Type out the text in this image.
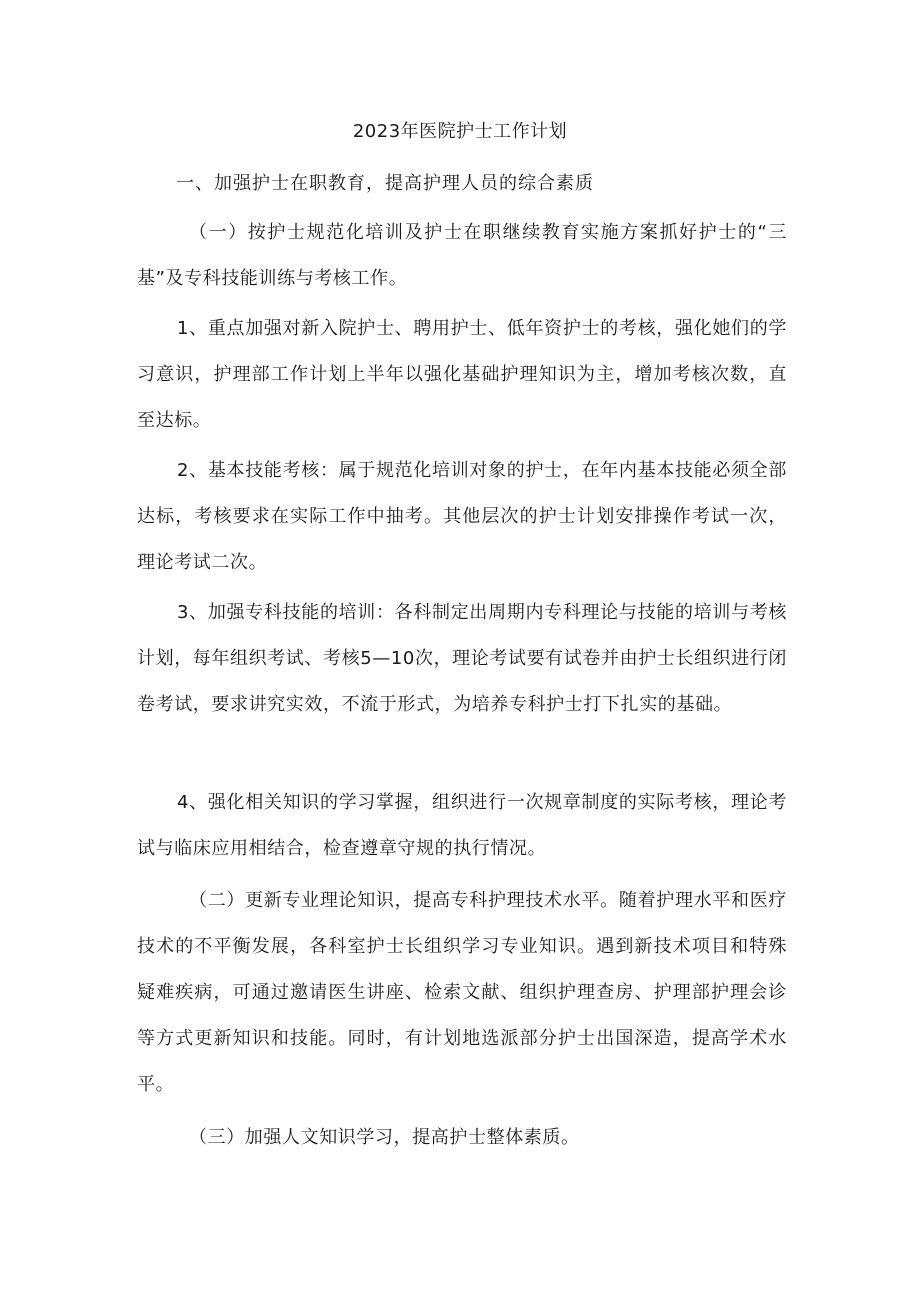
2023年医院护士工作计划
一、加强护士在职教育，提高护理人员的综合素质

（一）按护士规范化培训及护士在职继续教育实施方案抓好护士的“三基”及专科技能训练与考核工作。

1、重点加强对新入院护士、聘用护士、低年资护士的考核，强化她们的学习意识，护理部工作计划上半年以强化基础护理知识为主，增加考核次数，直至达标。

2、基本技能考核：属于规范化培训对象的护士，在年内基本技能必须全部达标，考核要求在实际工作中抽考。其他层次的护士计划安排操作考试一次，理论考试二次。

3、加强专科技能的培训：各科制定出周期内专科理论与技能的培训与考核计划，每年组织考试、考核5—10次，理论考试要有试卷并由护士长组织进行闭卷考试，要求讲究实效，不流于形式，为培养专科护士打下扎实的基础。

4、强化相关知识的学习掌握，组织进行一次规章制度的实际考核，理论考试与临床应用相结合，检查遵章守规的执行情况。

（二）更新专业理论知识，提高专科护理技术水平。随着护理水平和医疗技术的不平衡发展，各科室护士长组织学习专业知识。遇到新技术项目和特殊疑难疾病，可通过邀请医生讲座、检索文献、组织护理查房、护理部护理会诊等方式更新知识和技能。同时，有计划地选派部分护士出国深造，提高学术水平。

（三）加强人文知识学习，提高护士整体素质。
